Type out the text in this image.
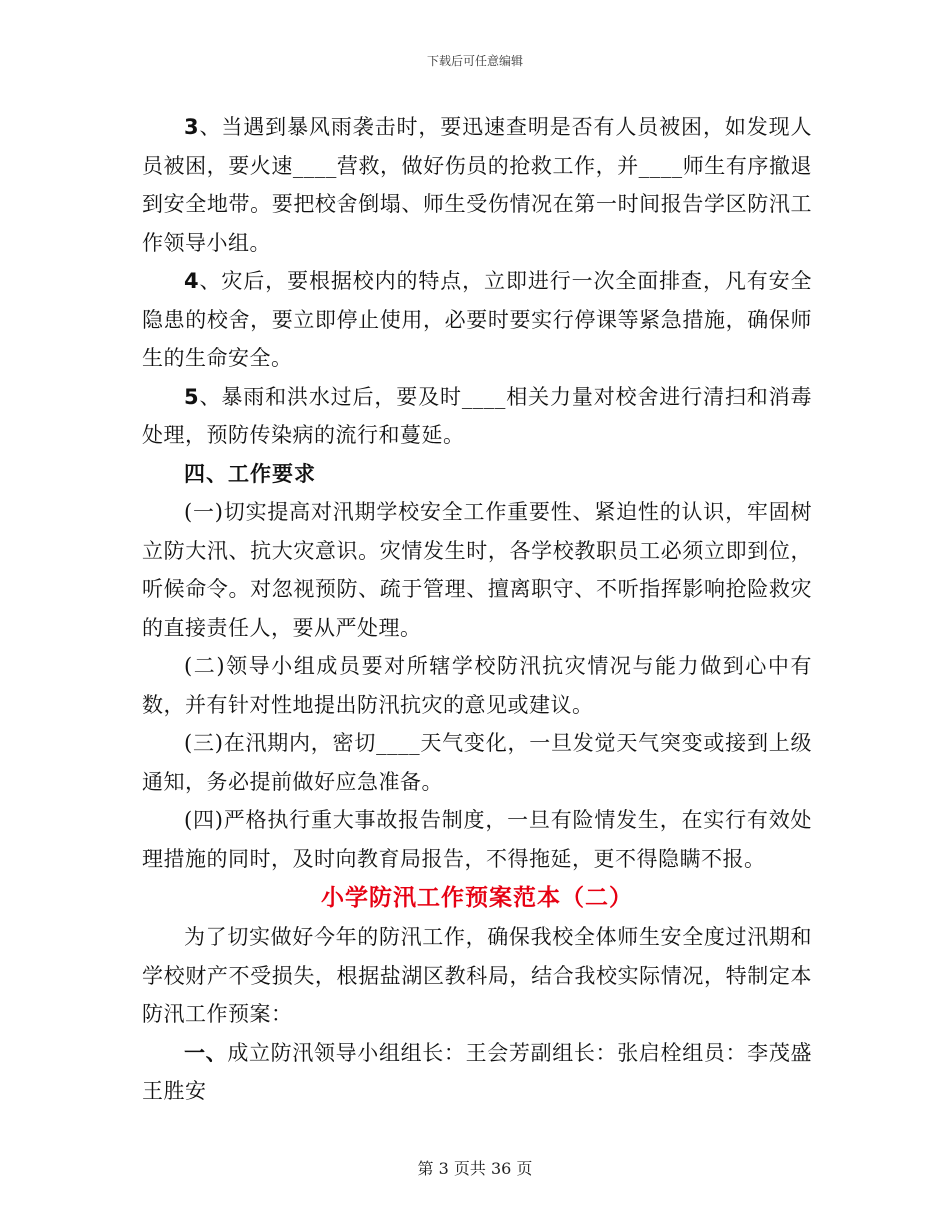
下载后可任意编辑

3、当遇到暴风雨袭击时，要迅速查明是否有人员被困，如发现人员被困，要火速____营救，做好伤员的抢救工作，并____师生有序撤退到安全地带。要把校舍倒塌、师生受伤情况在第一时间报告学区防汛工作领导小组。

4、灾后，要根据校内的特点，立即进行一次全面排查，凡有安全隐患的校舍，要立即停止使用，必要时要实行停课等紧急措施，确保师生的生命安全。

5、暴雨和洪水过后，要及时____相关力量对校舍进行清扫和消毒处理，预防传染病的流行和蔓延。

四、工作要求

(一)切实提高对汛期学校安全工作重要性、紧迫性的认识，牢固树立防大汛、抗大灾意识。灾情发生时，各学校教职员工必须立即到位，听候命令。对忽视预防、疏于管理、擅离职守、不听指挥影响抢险救灾的直接责任人，要从严处理。

(二)领导小组成员要对所辖学校防汛抗灾情况与能力做到心中有数，并有针对性地提出防汛抗灾的意见或建议。

(三)在汛期内，密切____天气变化，一旦发觉天气突变或接到上级通知，务必提前做好应急准备。

(四)严格执行重大事故报告制度，一旦有险情发生，在实行有效处理措施的同时，及时向教育局报告，不得拖延，更不得隐瞒不报。

小学防汛工作预案范本（二）

为了切实做好今年的防汛工作，确保我校全体师生安全度过汛期和学校财产不受损失，根据盐湖区教科局，结合我校实际情况，特制定本防汛工作预案：

一、成立防汛领导小组组长：王会芳副组长：张启栓组员：李茂盛王胜安

第 3 页共 36 页
